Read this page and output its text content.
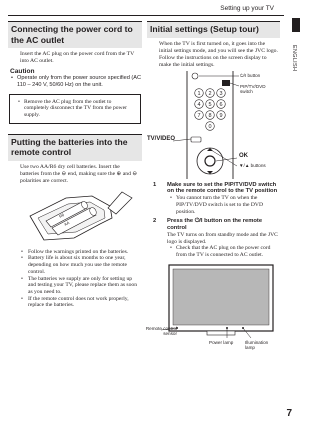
Setting up your TV
ENGLISH
Connecting the power cord to the AC outlet
Insert the AC plug on the power cord from the TV into AC outlet.
Caution
• Operate only from the power source specified (AC 110 – 240 V, 50/60 Hz) on the unit.
• Remove the AC plug from the outlet to completely disconnect the TV from the power supply.
Putting the batteries into the remote control
Use two AA/R6 dry cell batteries. Insert the batteries from the ⊖ end, making sure the ⊕ and ⊖ polarities are correct.
AA
R6
• Follow the warnings printed on the batteries.
• Battery life is about six months to one year, depending on how much you use the remote control.
• The batteries we supply are only for setting up and testing your TV, please replace them as soon as you need to.
• If the remote control does not work properly, replace the batteries.
Initial settings (Setup tour)
When the TV is first turned on, it goes into the initial settings mode, and you will see the JVC logo. Follow the instructions on the screen display to make the initial settings.
1 2 3
4 5 6
7 8 9
0
⏻/I button
PIP/TV/DVD switch
TV/VIDEO
OK
▼/▲ buttons
1 Make sure to set the PIP/TV/DVD switch on the remote control to the TV position
• You cannot turn the TV on when the PIP/TV/DVD switch is set to the DVD position.
2 Press the ⏻/I button on the remote control
The TV turns on from standby mode and the JVC logo is displayed.
• Check that the AC plug on the power cord from the TV is connected to AC outlet.
Remote control sensor
Power lamp	Illumination lamp
7
